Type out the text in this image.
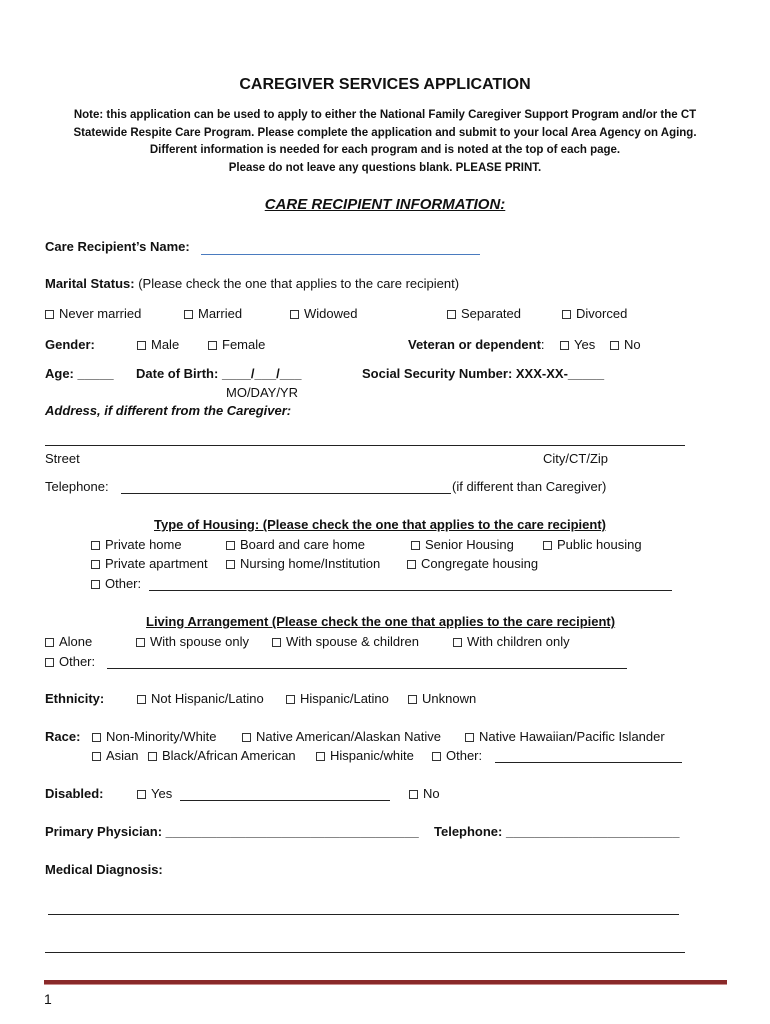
CAREGIVER SERVICES APPLICATION
Note: this application can be used to apply to either the National Family Caregiver Support Program and/or the CT
Statewide Respite Care Program. Please complete the application and submit to your local Area Agency on Aging.
Different information is needed for each program and is noted at the top of each page.
Please do not leave any questions blank. PLEASE PRINT.
CARE RECIPIENT INFORMATION:
Care Recipient’s Name:
Marital Status: (Please check the one that applies to the care recipient)
Never married	Married	Widowed	Separated	Divorced
Gender:	Male	Female	Veteran or dependent:	Yes	No
Age: _____ Date of Birth: ____/___/___
MO/DAY/YR
Social Security Number: XXX-XX-_____
Address, if different from the Caregiver:
Street	City/CT/Zip
Telephone:	(if different than Caregiver)
Type of Housing: (Please check the one that applies to the care recipient)
Private home	Board and care home	Senior Housing	Public housing
Private apartment	Nursing home/Institution	Congregate housing
Other:
Living Arrangement (Please check the one that applies to the care recipient)
Alone	With spouse only	With spouse & children	With children only
Other:
Ethnicity:	Not Hispanic/Latino	Hispanic/Latino	Unknown
Race:	Non-Minority/White	Native American/Alaskan Native	Native Hawaiian/Pacific Islander
Asian	Black/African American	Hispanic/white	Other:
Disabled:	Yes	No
Primary Physician: ___________________________________ Telephone: ________________________
Medical Diagnosis:
1
